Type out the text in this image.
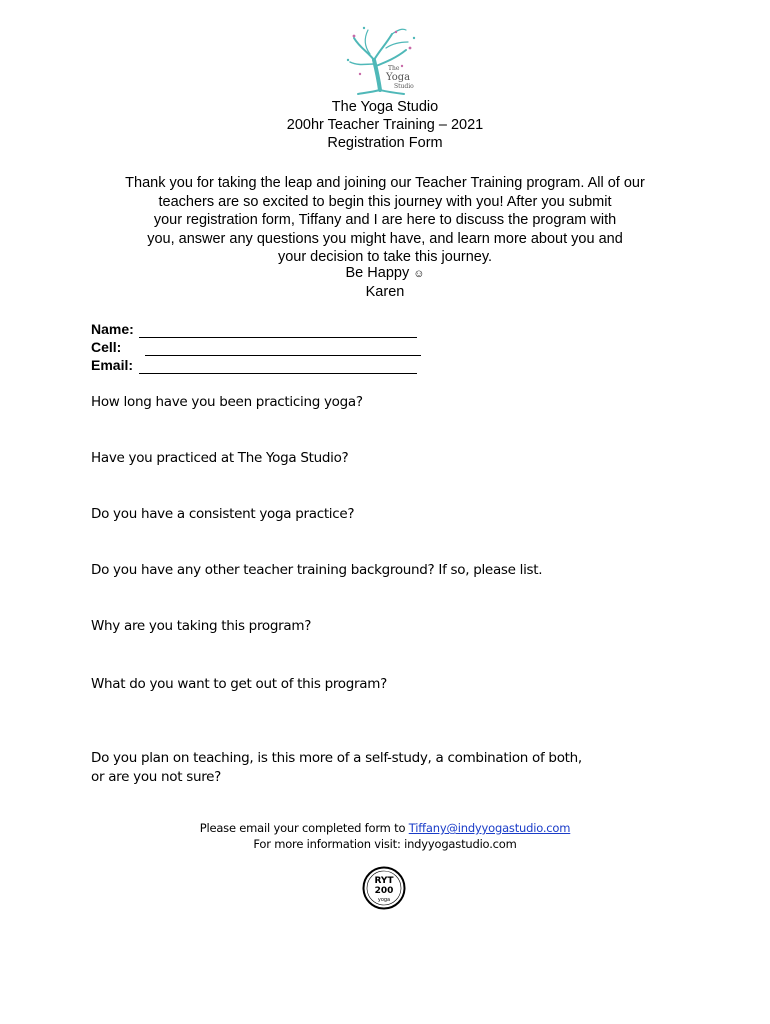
The
Yoga
Studio
The Yoga Studio
200hr Teacher Training – 2021
Registration Form
Thank you for taking the leap and joining our Teacher Training program. All of our
teachers are so excited to begin this journey with you! After you submit
your registration form, Tiffany and I are here to discuss the program with
you, answer any questions you might have, and learn more about you and
your decision to take this journey.
Be Happy ☺
Karen
Name:
Cell:
Email:
How long have you been practicing yoga?
Have you practiced at The Yoga Studio?
Do you have a consistent yoga practice?
Do you have any other teacher training background? If so, please list.
Why are you taking this program?
What do you want to get out of this program?
Do you plan on teaching, is this more of a self-study, a combination of both,
or are you not sure?
Please email your completed form to Tiffany@indyyogastudio.com
For more information visit: indyyogastudio.com
RYT
200
yoga
